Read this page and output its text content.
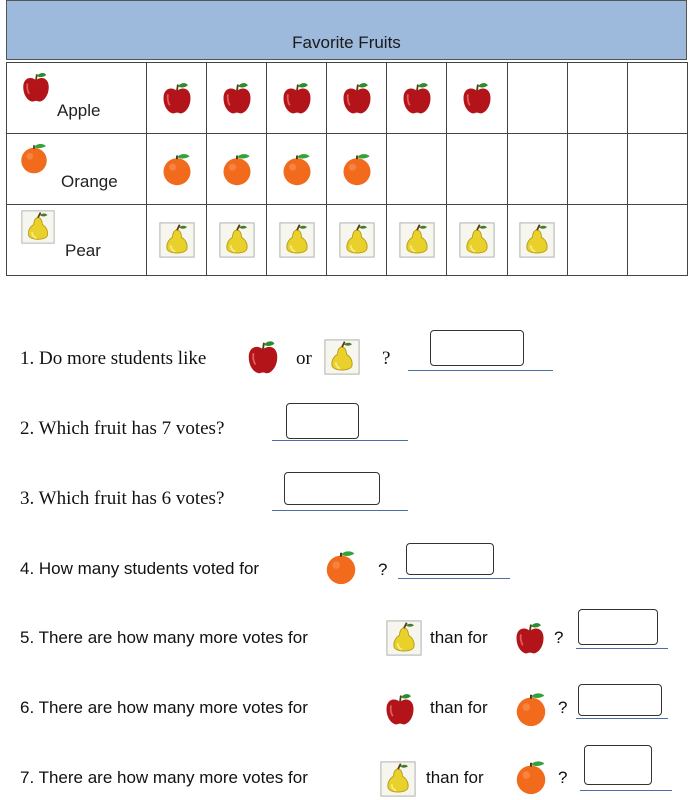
Favorite Fruits
Apple

Orange

Pear

1. Do more students like	or	?
2. Which fruit has 7 votes?
3. Which fruit has 6 votes?
4. How many students voted for	?
5. There are how many more votes for	than for	?
6. There are how many more votes for	than for	?
7. There are how many more votes for	than for	?
